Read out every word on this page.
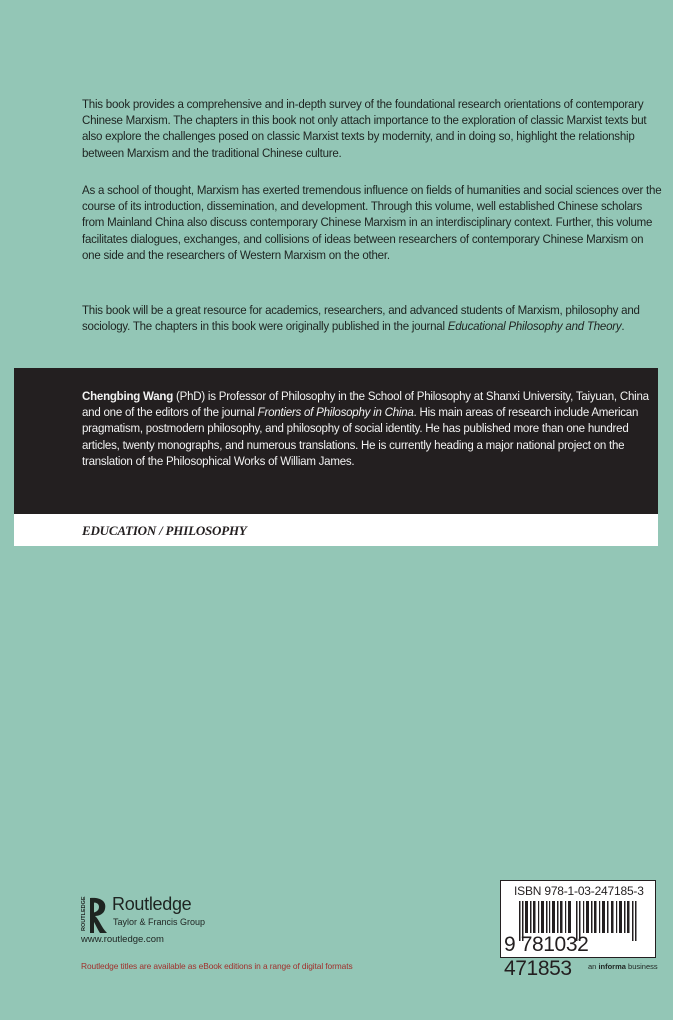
This book provides a comprehensive and in-depth survey of the foundational research orientations of contemporary Chinese Marxism. The chapters in this book not only attach importance to the exploration of classic Marxist texts but also explore the challenges posed on classic Marxist texts by modernity, and in doing so, highlight the relationship between Marxism and the traditional Chinese culture.

As a school of thought, Marxism has exerted tremendous influence on fields of humanities and social sciences over the course of its introduction, dissemination, and development. Through this volume, well established Chinese scholars from Mainland China also discuss contemporary Chinese Marxism in an interdisciplinary context. Further, this volume facilitates dialogues, exchanges, and collisions of ideas between researchers of contemporary Chinese Marxism on one side and the researchers of Western Marxism on the other.

This book will be a great resource for academics, researchers, and advanced students of Marxism, philosophy and sociology. The chapters in this book were originally published in the journal Educational Philosophy and Theory.

Chengbing Wang (PhD) is Professor of Philosophy in the School of Philosophy at Shanxi University, Taiyuan, China and one of the editors of the journal Frontiers of Philosophy in China. His main areas of research include American pragmatism, postmodern philosophy, and philosophy of social identity. He has published more than one hundred articles, twenty monographs, and numerous translations. He is currently heading a major national project on the translation of the Philosophical Works of William James.

EDUCATION / PHILOSOPHY
ROUTLEDGE Routledge
Taylor & Francis Group
www.routledge.com
Routledge titles are available as eBook editions in a range of digital formats
ISBN 978-1-03-247185-3
9 781032 471853	an informa business
